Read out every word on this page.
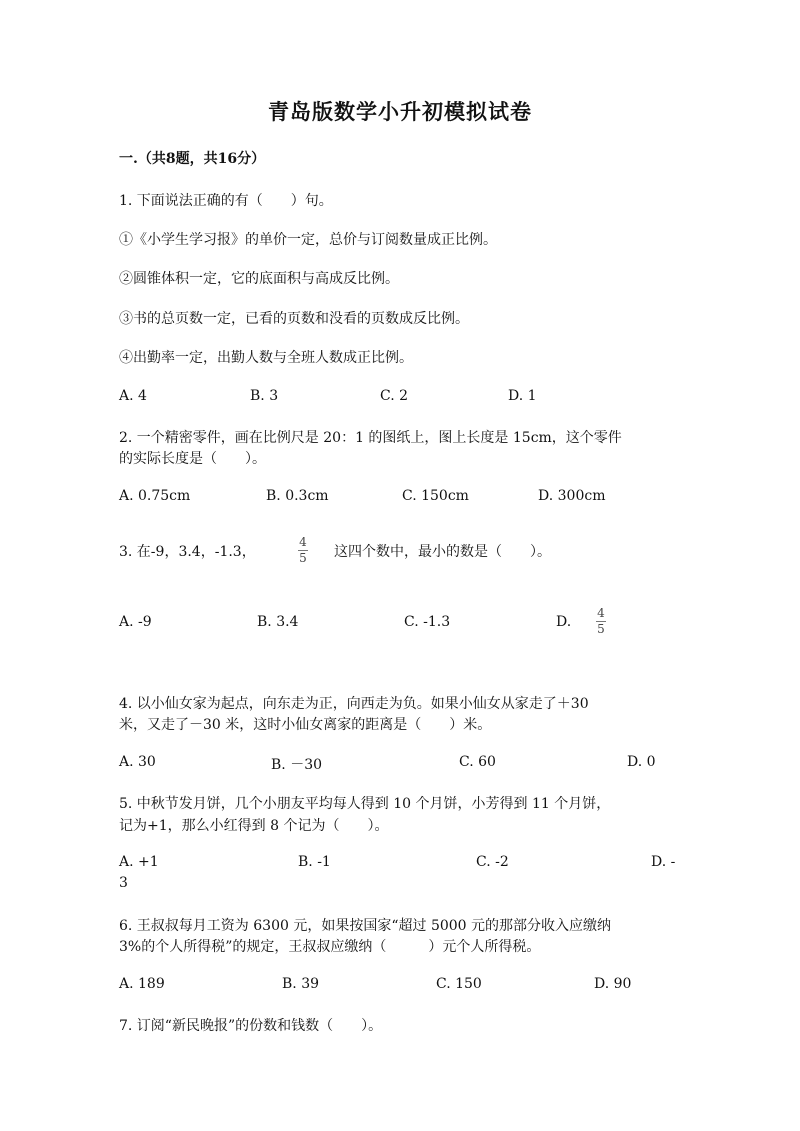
青岛版数学小升初模拟试卷
一.（共8题，共16分）
1. 下面说法正确的有（　　）句。
①《小学生学习报》的单价一定，总价与订阅数量成正比例。
②圆锥体积一定，它的底面积与高成反比例。
③书的总页数一定，已看的页数和没看的页数成反比例。
④出勤率一定，出勤人数与全班人数成正比例。
A. 4	B. 3	C. 2	D. 1
2. 一个精密零件，画在比例尺是 20：1 的图纸上，图上长度是 15cm，这个零件
的实际长度是（　　）。
A. 0.75cm	B. 0.3cm	C. 150cm	D. 300cm
3. 在-9，3.4，-1.3，
4
5 这四个数中，最小的数是（　　）。
A. -9	B. 3.4	C. -1.3	D.
4
5
4. 以小仙女家为起点，向东走为正，向西走为负。如果小仙女从家走了＋30
米，又走了－30 米，这时小仙女离家的距离是（　　）米。
A. 30	B. －30	C. 60	D. 0
5. 中秋节发月饼，几个小朋友平均每人得到 10 个月饼，小芳得到 11 个月饼，
记为+1，那么小红得到 8 个记为（　　）。
A. +1	B. -1	C. -2	D. -
3
6. 王叔叔每月工资为 6300 元，如果按国家“超过 5000 元的那部分收入应缴纳
3%的个人所得税”的规定，王叔叔应缴纳（　　　）元个人所得税。
A. 189	B. 39	C. 150	D. 90
7. 订阅“新民晚报”的份数和钱数（　　）。
